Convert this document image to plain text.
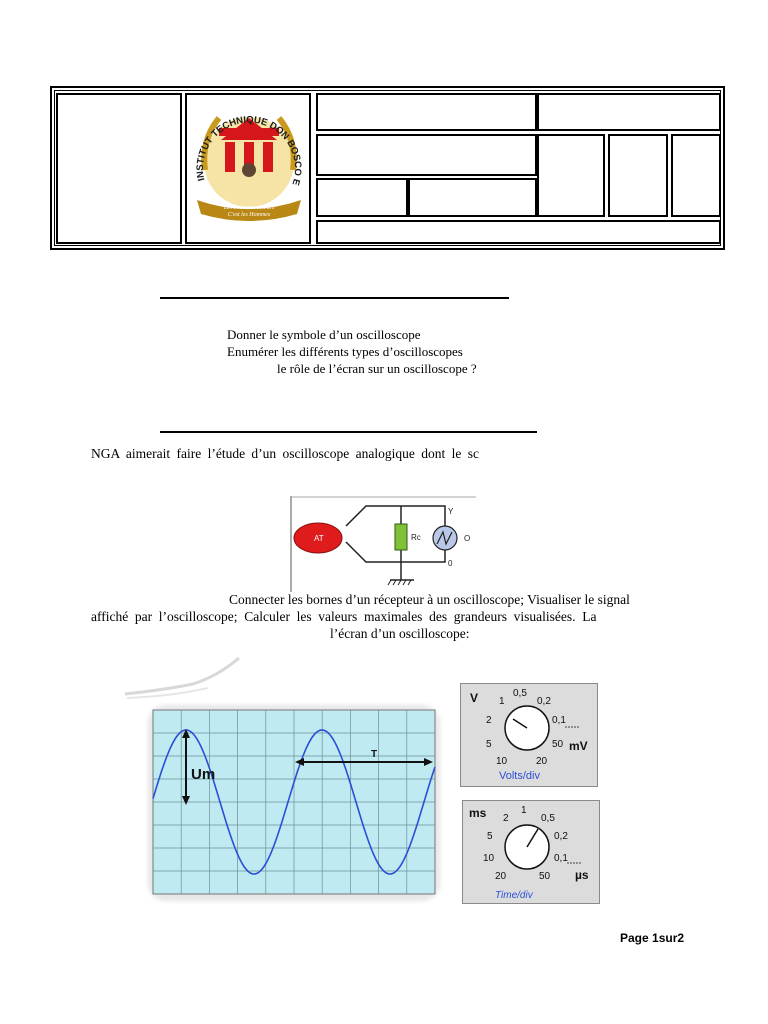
INSTITUT TECHNIQUE DON BOSCO E
Les Premiers acteurs
C'est les Hommes
Donner le symbole d’un oscilloscope
Enumérer les différents types d’oscilloscopes
le rôle de l’écran sur un oscilloscope ?
NGA aimerait faire l’étude d’un oscilloscope analogique dont le sc
AT	Rc
Y
O
0
Connecter les bornes d’un récepteur à un oscilloscope; Visualiser le signal
affiché par l’oscilloscope; Calculer les valeurs maximales des grandeurs visualisées. La
l’écran d’un oscilloscope:
Um
T
V
mV
1
0,5
0,2
2	0,1
5	50
10	20
Volts/div
ms
µs
2
1
0,5
5	0,2
10	0,1
20	50
Time/div
Page 1sur2
